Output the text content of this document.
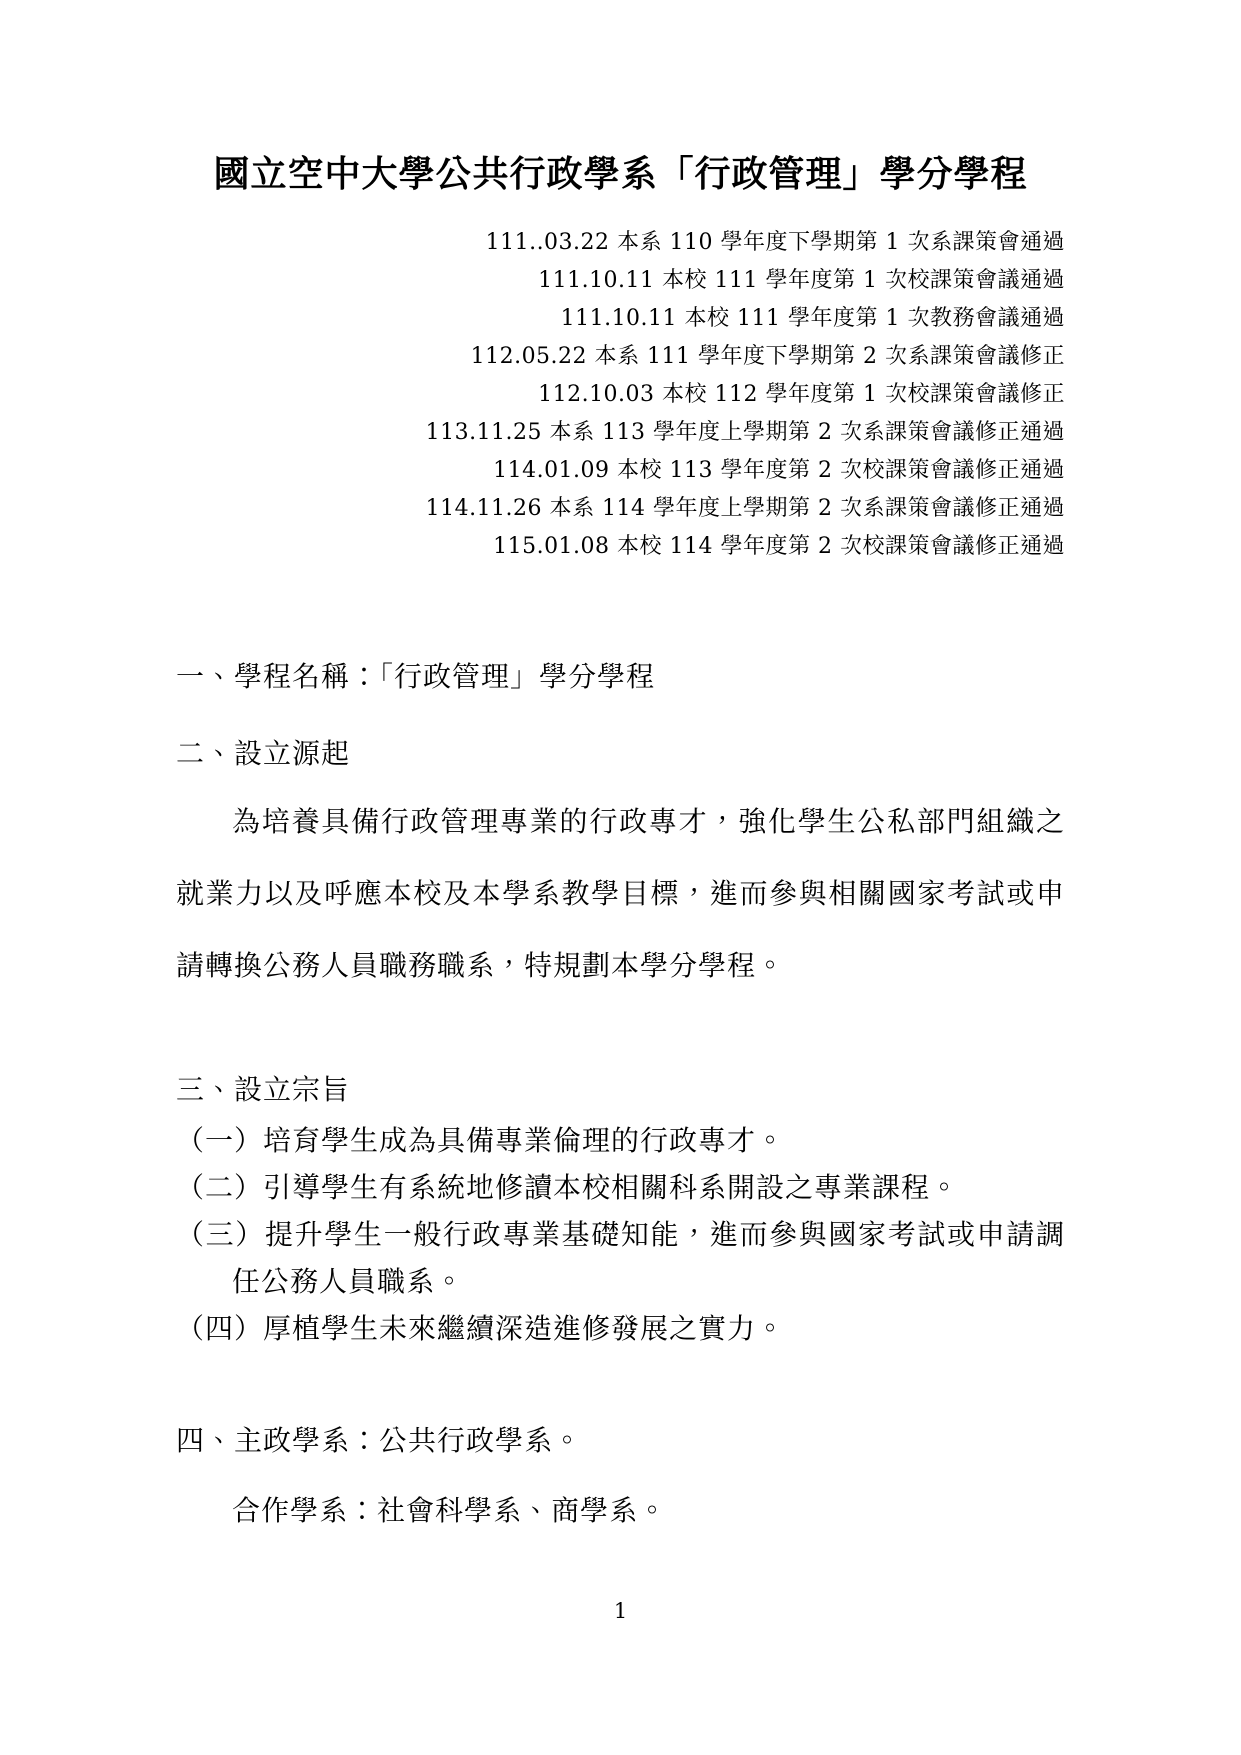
國立空中大學公共行政學系「行政管理」學分學程
111..03.22 本系 110 學年度下學期第 1 次系課策會通過
111.10.11 本校 111 學年度第 1 次校課策會議通過
111.10.11 本校 111 學年度第 1 次教務會議通過
112.05.22 本系 111 學年度下學期第 2 次系課策會議修正
112.10.03 本校 112 學年度第 1 次校課策會議修正
113.11.25 本系 113 學年度上學期第 2 次系課策會議修正通過
114.01.09 本校 113 學年度第 2 次校課策會議修正通過
114.11.26 本系 114 學年度上學期第 2 次系課策會議修正通過
115.01.08 本校 114 學年度第 2 次校課策會議修正通過
一、學程名稱：「行政管理」學分學程
二、設立源起
為培養具備行政管理專業的行政專才，強化學生公私部門組織之
就業力以及呼應本校及本學系教學目標，進而參與相關國家考試或申
請轉換公務人員職務職系，特規劃本學分學程。
三、設立宗旨
（一）培育學生成為具備專業倫理的行政專才。
（二）引導學生有系統地修讀本校相關科系開設之專業課程。
（三）提升學生一般行政專業基礎知能，進而參與國家考試或申請調
任公務人員職系。
（四）厚植學生未來繼續深造進修發展之實力。
四、主政學系：公共行政學系。
合作學系：社會科學系、商學系。
1
